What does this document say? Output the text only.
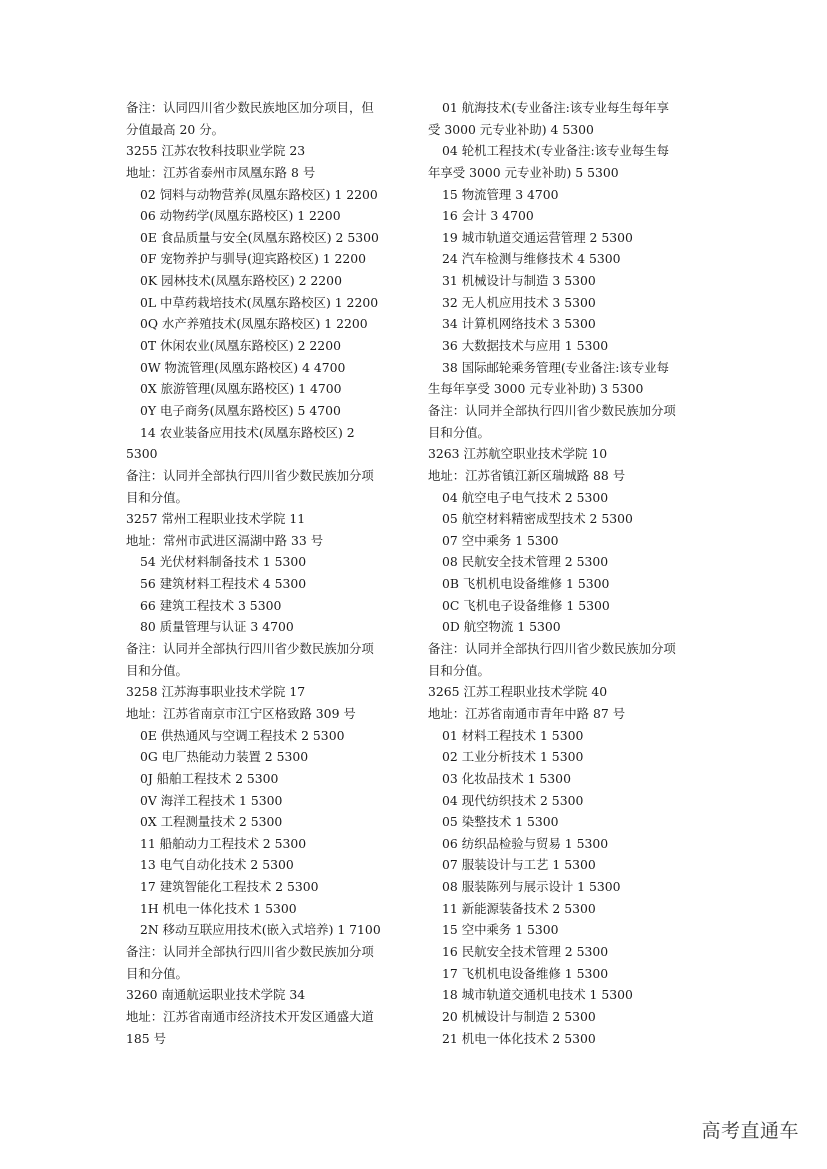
备注：认同四川省少数民族地区加分项目，但
分值最高 20 分。
3255 江苏农牧科技职业学院 23
地址：江苏省泰州市凤凰东路 8 号
02 饲料与动物营养(凤凰东路校区) 1 2200
06 动物药学(凤凰东路校区) 1 2200
0E 食品质量与安全(凤凰东路校区) 2 5300
0F 宠物养护与驯导(迎宾路校区) 1 2200
0K 园林技术(凤凰东路校区) 2 2200
0L 中草药栽培技术(凤凰东路校区) 1 2200
0Q 水产养殖技术(凤凰东路校区) 1 2200
0T 休闲农业(凤凰东路校区) 2 2200
0W 物流管理(凤凰东路校区) 4 4700
0X 旅游管理(凤凰东路校区) 1 4700
0Y 电子商务(凤凰东路校区) 5 4700
14 农业装备应用技术(凤凰东路校区) 2
5300
备注：认同并全部执行四川省少数民族加分项
目和分值。
3257 常州工程职业技术学院 11
地址：常州市武进区滆湖中路 33 号
54 光伏材料制备技术 1 5300
56 建筑材料工程技术 4 5300
66 建筑工程技术 3 5300
80 质量管理与认证 3 4700
备注：认同并全部执行四川省少数民族加分项
目和分值。
3258 江苏海事职业技术学院 17
地址：江苏省南京市江宁区格致路 309 号
0E 供热通风与空调工程技术 2 5300
0G 电厂热能动力装置 2 5300
0J 船舶工程技术 2 5300
0V 海洋工程技术 1 5300
0X 工程测量技术 2 5300
11 船舶动力工程技术 2 5300
13 电气自动化技术 2 5300
17 建筑智能化工程技术 2 5300
1H 机电一体化技术 1 5300
2N 移动互联应用技术(嵌入式培养) 1 7100
备注：认同并全部执行四川省少数民族加分项
目和分值。
3260 南通航运职业技术学院 34
地址：江苏省南通市经济技术开发区通盛大道
185 号
01 航海技术(专业备注:该专业每生每年享
受 3000 元专业补助) 4 5300
04 轮机工程技术(专业备注:该专业每生每
年享受 3000 元专业补助) 5 5300
15 物流管理 3 4700
16 会计 3 4700
19 城市轨道交通运营管理 2 5300
24 汽车检测与维修技术 4 5300
31 机械设计与制造 3 5300
32 无人机应用技术 3 5300
34 计算机网络技术 3 5300
36 大数据技术与应用 1 5300
38 国际邮轮乘务管理(专业备注:该专业每
生每年享受 3000 元专业补助) 3 5300
备注：认同并全部执行四川省少数民族加分项
目和分值。
3263 江苏航空职业技术学院 10
地址：江苏省镇江新区瑞城路 88 号
04 航空电子电气技术 2 5300
05 航空材料精密成型技术 2 5300
07 空中乘务 1 5300
08 民航安全技术管理 2 5300
0B 飞机机电设备维修 1 5300
0C 飞机电子设备维修 1 5300
0D 航空物流 1 5300
备注：认同并全部执行四川省少数民族加分项
目和分值。
3265 江苏工程职业技术学院 40
地址：江苏省南通市青年中路 87 号
01 材料工程技术 1 5300
02 工业分析技术 1 5300
03 化妆品技术 1 5300
04 现代纺织技术 2 5300
05 染整技术 1 5300
06 纺织品检验与贸易 1 5300
07 服装设计与工艺 1 5300
08 服装陈列与展示设计 1 5300
11 新能源装备技术 2 5300
15 空中乘务 1 5300
16 民航安全技术管理 2 5300
17 飞机机电设备维修 1 5300
18 城市轨道交通机电技术 1 5300
20 机械设计与制造 2 5300
21 机电一体化技术 2 5300
高考直通车
